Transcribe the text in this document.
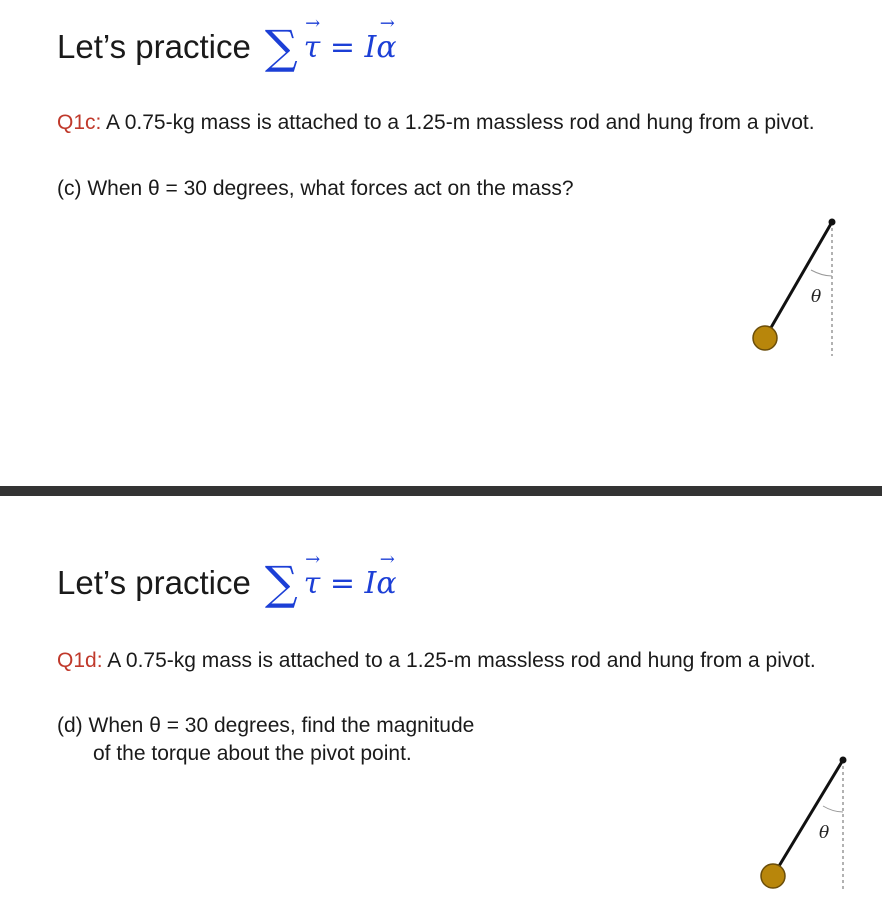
Let’s practice ∑ → τ = I→ α
Q1c: A 0.75-kg mass is attached to a 1.25-m massless rod and hung from a pivot.
(c) When θ = 30 degrees, what forces act on the mass?
θ
Let’s practice ∑ → τ = I→ α
Q1d: A 0.75-kg mass is attached to a 1.25-m massless rod and hung from a pivot.
(d) When θ = 30 degrees, find the magnitude
of the torque about the pivot point.
θ
